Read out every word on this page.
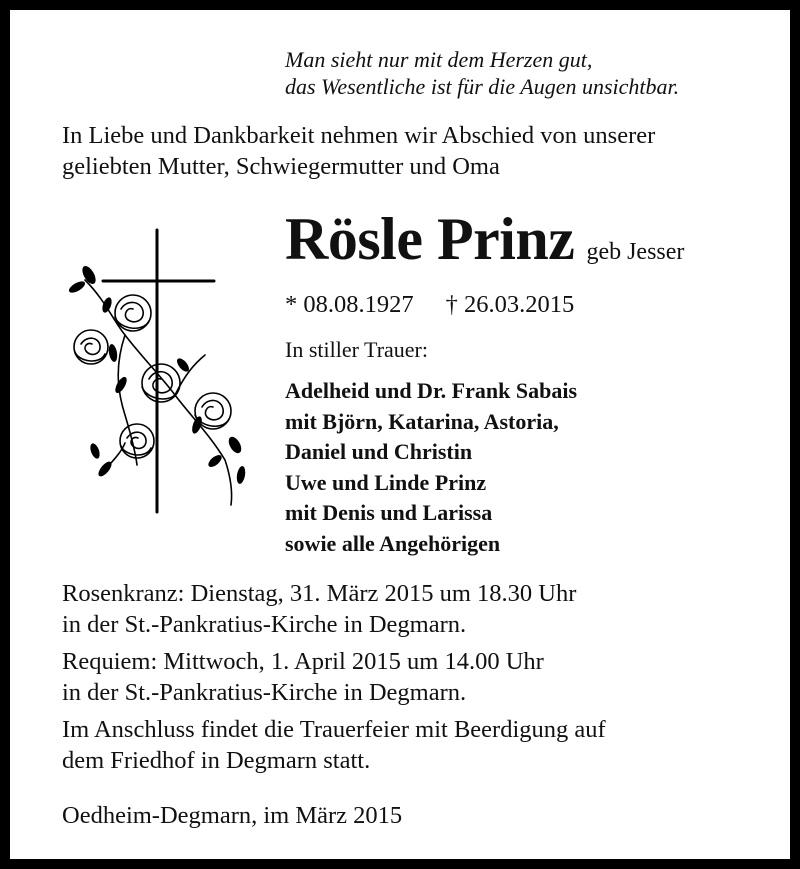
Man sieht nur mit dem Herzen gut,
das Wesentliche ist für die Augen unsichtbar.
In Liebe und Dankbarkeit nehmen wir Abschied von unserer
geliebten Mutter, Schwiegermutter und Oma
Rösle Prinz geb Jesser
* 08.08.1927 † 26.03.2015
In stiller Trauer:
Adelheid und Dr. Frank Sabais
mit Björn, Katarina, Astoria,
Daniel und Christin
Uwe und Linde Prinz
mit Denis und Larissa
sowie alle Angehörigen
Rosenkranz: Dienstag, 31. März 2015 um 18.30 Uhr
in der St.-Pankratius-Kirche in Degmarn.
Requiem: Mittwoch, 1. April 2015 um 14.00 Uhr
in der St.-Pankratius-Kirche in Degmarn.
Im Anschluss findet die Trauerfeier mit Beerdigung auf
dem Friedhof in Degmarn statt.
Oedheim-Degmarn, im März 2015
